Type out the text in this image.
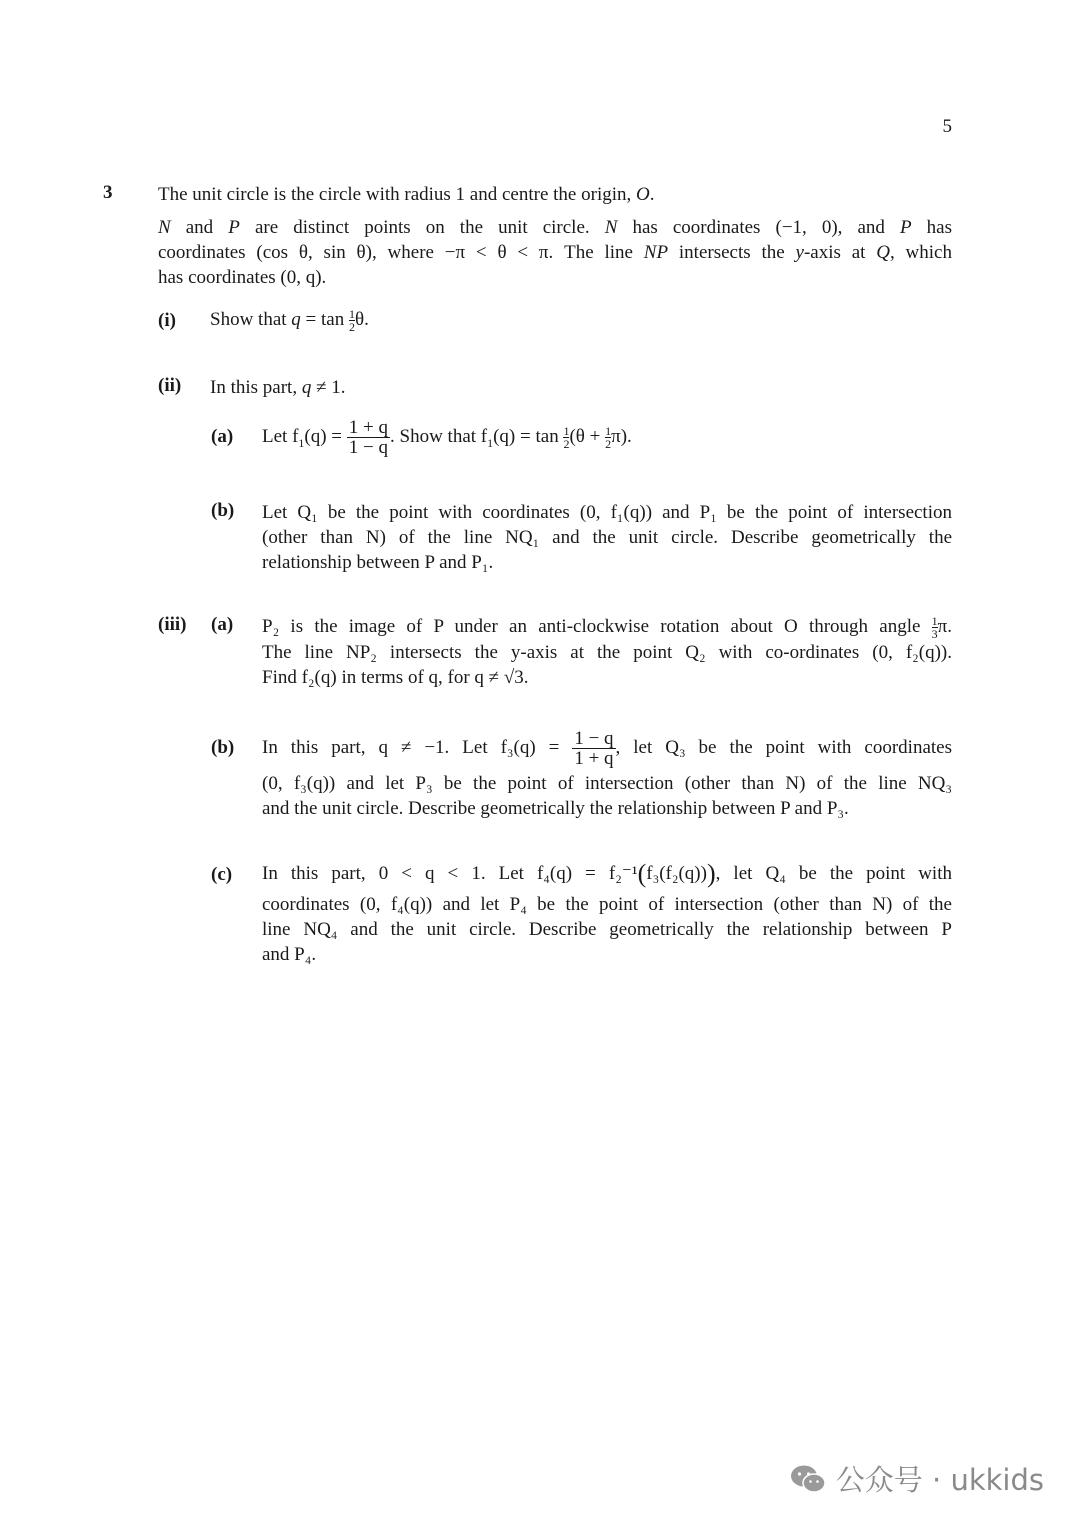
5
3 The unit circle is the circle with radius 1 and centre the origin, O.
N and P are distinct points on the unit circle. N has coordinates (−1, 0), and P has
coordinates (cos θ, sin θ), where −π < θ < π. The line NP intersects the y-axis at Q, which
has coordinates (0, q).
(i) Show that $q = \tan \frac{1}{2} \theta$.
(ii) In this part, q ≠ 1.
(a) Let $f_1(q) = \frac{1 + q}{1 - q}$ . Show that $f_1(q) = \tan \frac{1}{2} (\theta + \frac{1}{2} \pi)$.
(b) Let Q₁ be the point with coordinates (0, f₁(q)) and P₁ be the point of intersection
(other than N) of the line NQ₁ and the unit circle. Describe geometrically the
relationship between P and P₁.
(iii) (a) P₂ is the image of P under an anti-clockwise rotation about O through angle $\frac{1}{3} \pi$.
The line NP₂ intersects the y-axis at the point Q₂ with co-ordinates (0, f₂(q)).
Find f₂(q) in terms of q, for q ≠ √3.
(b) In this part, q ≠ −1. Let $f_3(q) = \frac{1 - q}{1 + q}$ , let Q₃ be the point with coordinates
(0, f₃(q)) and let P₃ be the point of intersection (other than N) of the line NQ₃
and the unit circle. Describe geometrically the relationship between P and P₃.
(c) In this part, 0 < q < 1. Let f₄(q) = f₂⁻¹(f₃(f₂(q))), let Q₄ be the point with
coordinates (0, f₄(q)) and let P₄ be the point of intersection (other than N) of the
line NQ₄ and the unit circle. Describe geometrically the relationship between P
and P₄.
公众号 · ukkids
